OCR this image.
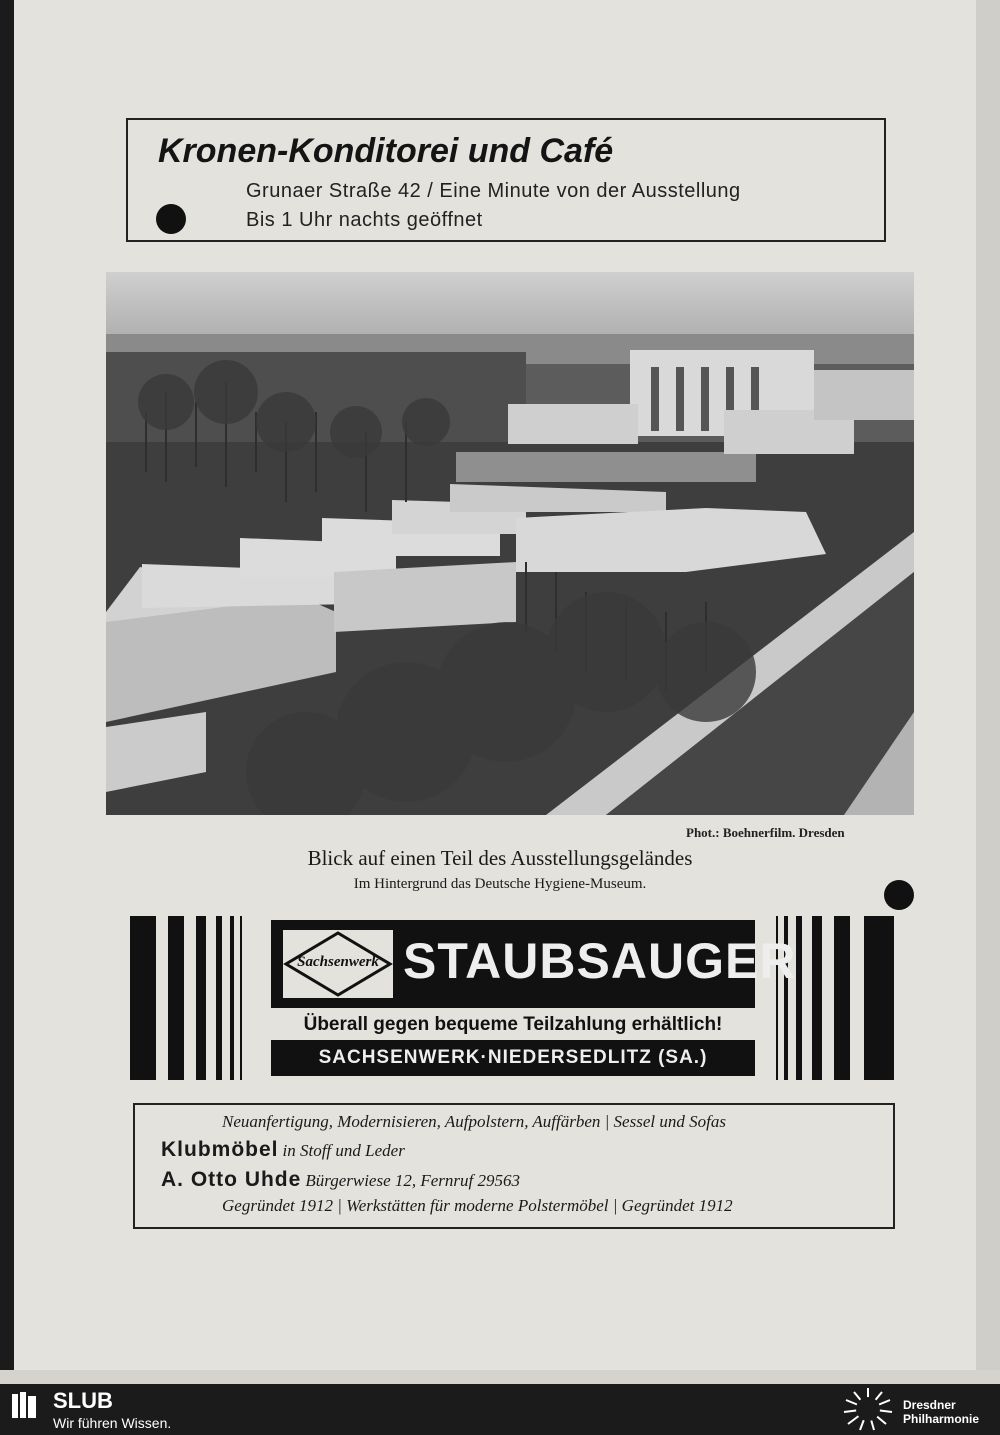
Kronen-Konditorei und Café
Grunaer Straße 42 / Eine Minute von der Ausstellung
Bis 1 Uhr nachts geöffnet
Phot.: Boehnerfilm. Dresden
Blick auf einen Teil des Ausstellungsgeländes
Im Hintergrund das Deutsche Hygiene-Museum.
Sachsenwerk STAUBSAUGER
Überall gegen bequeme Teilzahlung erhältlich!
SACHSENWERK·NIEDERSEDLITZ (SA.)
Neuanfertigung, Modernisieren, Aufpolstern, Auffärben | Sessel und Sofas
Klubmöbel in Stoff und Leder
A. Otto Uhde Bürgerwiese 12, Fernruf 29563
Gegründet 1912 | Werkstätten für moderne Polstermöbel | Gegründet 1912
SLUB
Wir führen Wissen.
Dresdner
Philharmonie
